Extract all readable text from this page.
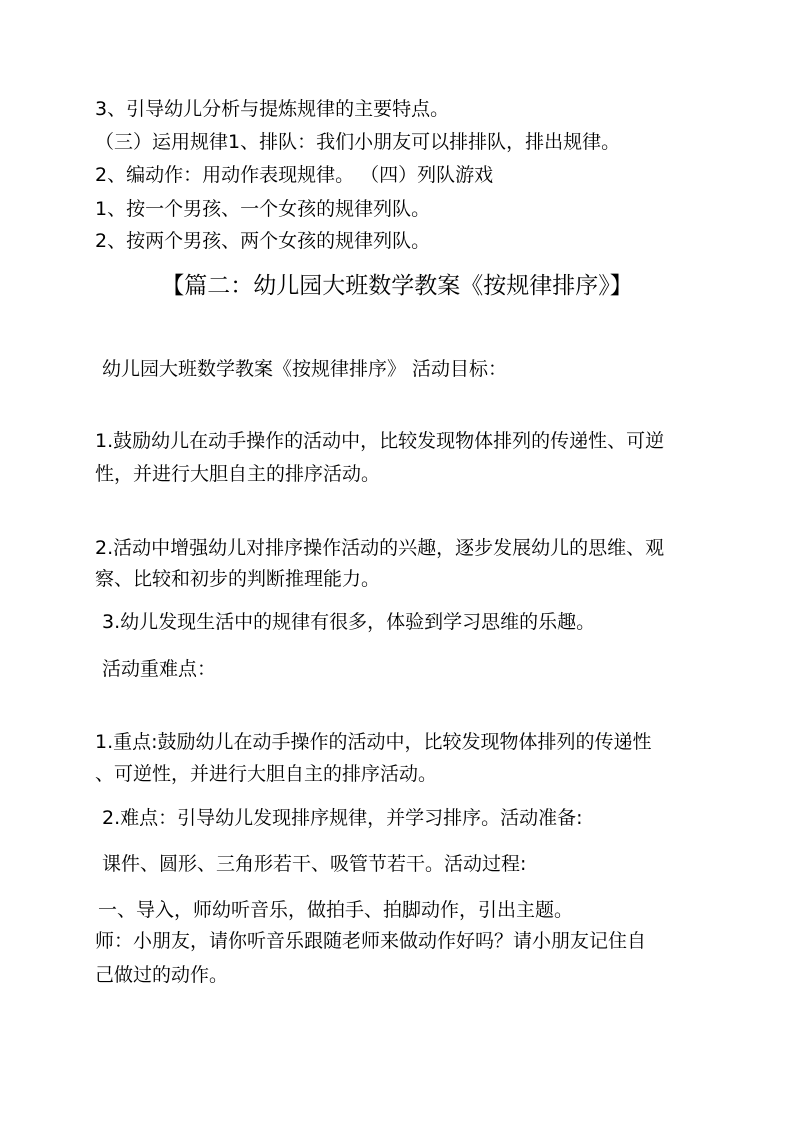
3、引导幼儿分析与提炼规律的主要特点。
（三）运用规律1、排队：我们小朋友可以排排队，排出规律。
2、编动作：用动作表现规律。 （四）列队游戏
1、按一个男孩、一个女孩的规律列队。
2、按两个男孩、两个女孩的规律列队。
【篇二：幼儿园大班数学教案《按规律排序》】
幼儿园大班数学教案《按规律排序》 活动目标：
1.鼓励幼儿在动手操作的活动中，比较发现物体排列的传递性、可逆
性，并进行大胆自主的排序活动。
2.活动中增强幼儿对排序操作活动的兴趣，逐步发展幼儿的思维、观
察、比较和初步的判断推理能力。
3.幼儿发现生活中的规律有很多，体验到学习思维的乐趣。
活动重难点：
1.重点:鼓励幼儿在动手操作的活动中，比较发现物体排列的传递性
、可逆性，并进行大胆自主的排序活动。
2.难点：引导幼儿发现排序规律，并学习排序。活动准备:
课件、圆形、三角形若干、吸管节若干。活动过程:
一、导入，师幼听音乐，做拍手、拍脚动作，引出主题。
师：小朋友，请你听音乐跟随老师来做动作好吗？请小朋友记住自
己做过的动作。
